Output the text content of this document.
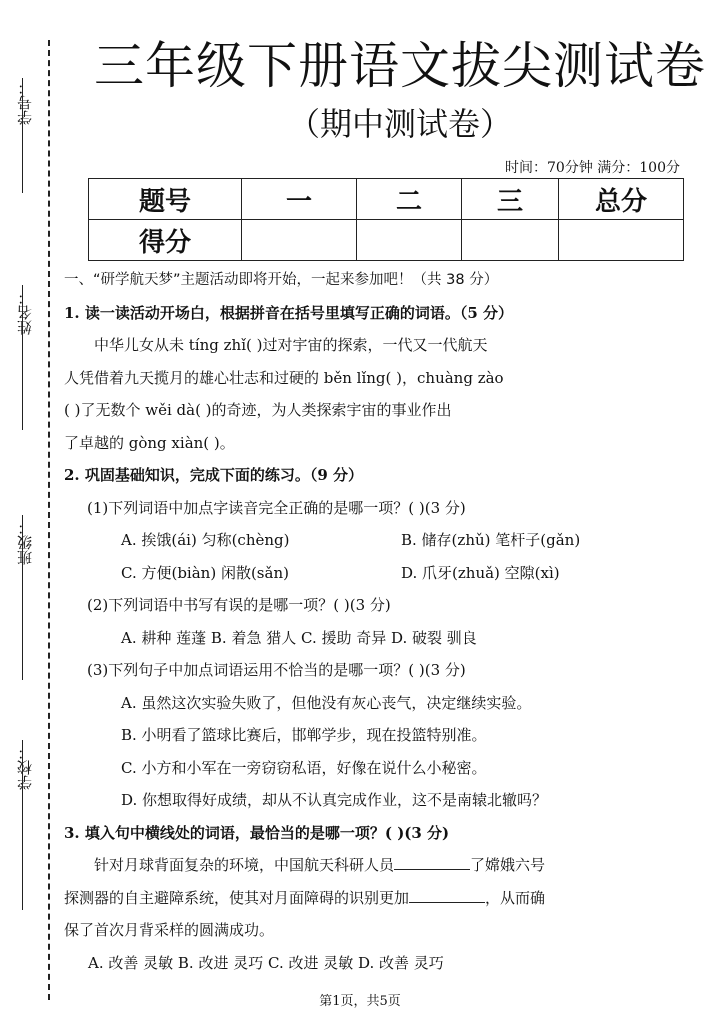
学号：
姓名：
班级：
学校：
三年级下册语文拔尖测试卷
（期中测试卷）
时间：70分钟 满分：100分
题号	一	二	三	总分
得分				
一、“研学航天梦”主题活动即将开始，一起来参加吧！（共 38 分）
1. 读一读活动开场白，根据拼音在括号里填写正确的词语。（5 分）
中华儿女从未 tíng zhǐ( )过对宇宙的探索，一代又一代航天
人凭借着九天揽月的雄心壮志和过硬的 běn lǐng( )，chuàng zào
( )了无数个 wěi dà( )的奇迹，为人类探索宇宙的事业作出
了卓越的 gòng xiàn( )。
2. 巩固基础知识，完成下面的练习。（9 分）
(1)下列词语中加点字读音完全正确的是哪一项？( )(3 分)
A. 挨饿(ái) 匀称(chèng)	B. 储存(zhǔ) 笔杆子(gǎn)
C. 方便(biàn) 闲散(sǎn)	D. 爪牙(zhuǎ) 空隙(xì)
(2)下列词语中书写有误的是哪一项？( )(3 分)
A. 耕种 莲蓬 B. 着急 猎人 C. 援助 奇异 D. 破裂 驯良
(3)下列句子中加点词语运用不恰当的是哪一项？( )(3 分)
A. 虽然这次实验失败了，但他没有灰心丧气，决定继续实验。
B. 小明看了篮球比赛后，邯郸学步，现在投篮特别准。
C. 小方和小军在一旁窃窃私语，好像在说什么小秘密。
D. 你想取得好成绩，却从不认真完成作业，这不是南辕北辙吗？
3. 填入句中横线处的词语，最恰当的是哪一项？( )(3 分)
针对月球背面复杂的环境，中国航天科研人员	了嫦娥六号
探测器的自主避障系统，使其对月面障碍的识别更加	，从而确
保了首次月背采样的圆满成功。
A. 改善 灵敏 B. 改进 灵巧 C. 改进 灵敏 D. 改善 灵巧
第1页，共5页
